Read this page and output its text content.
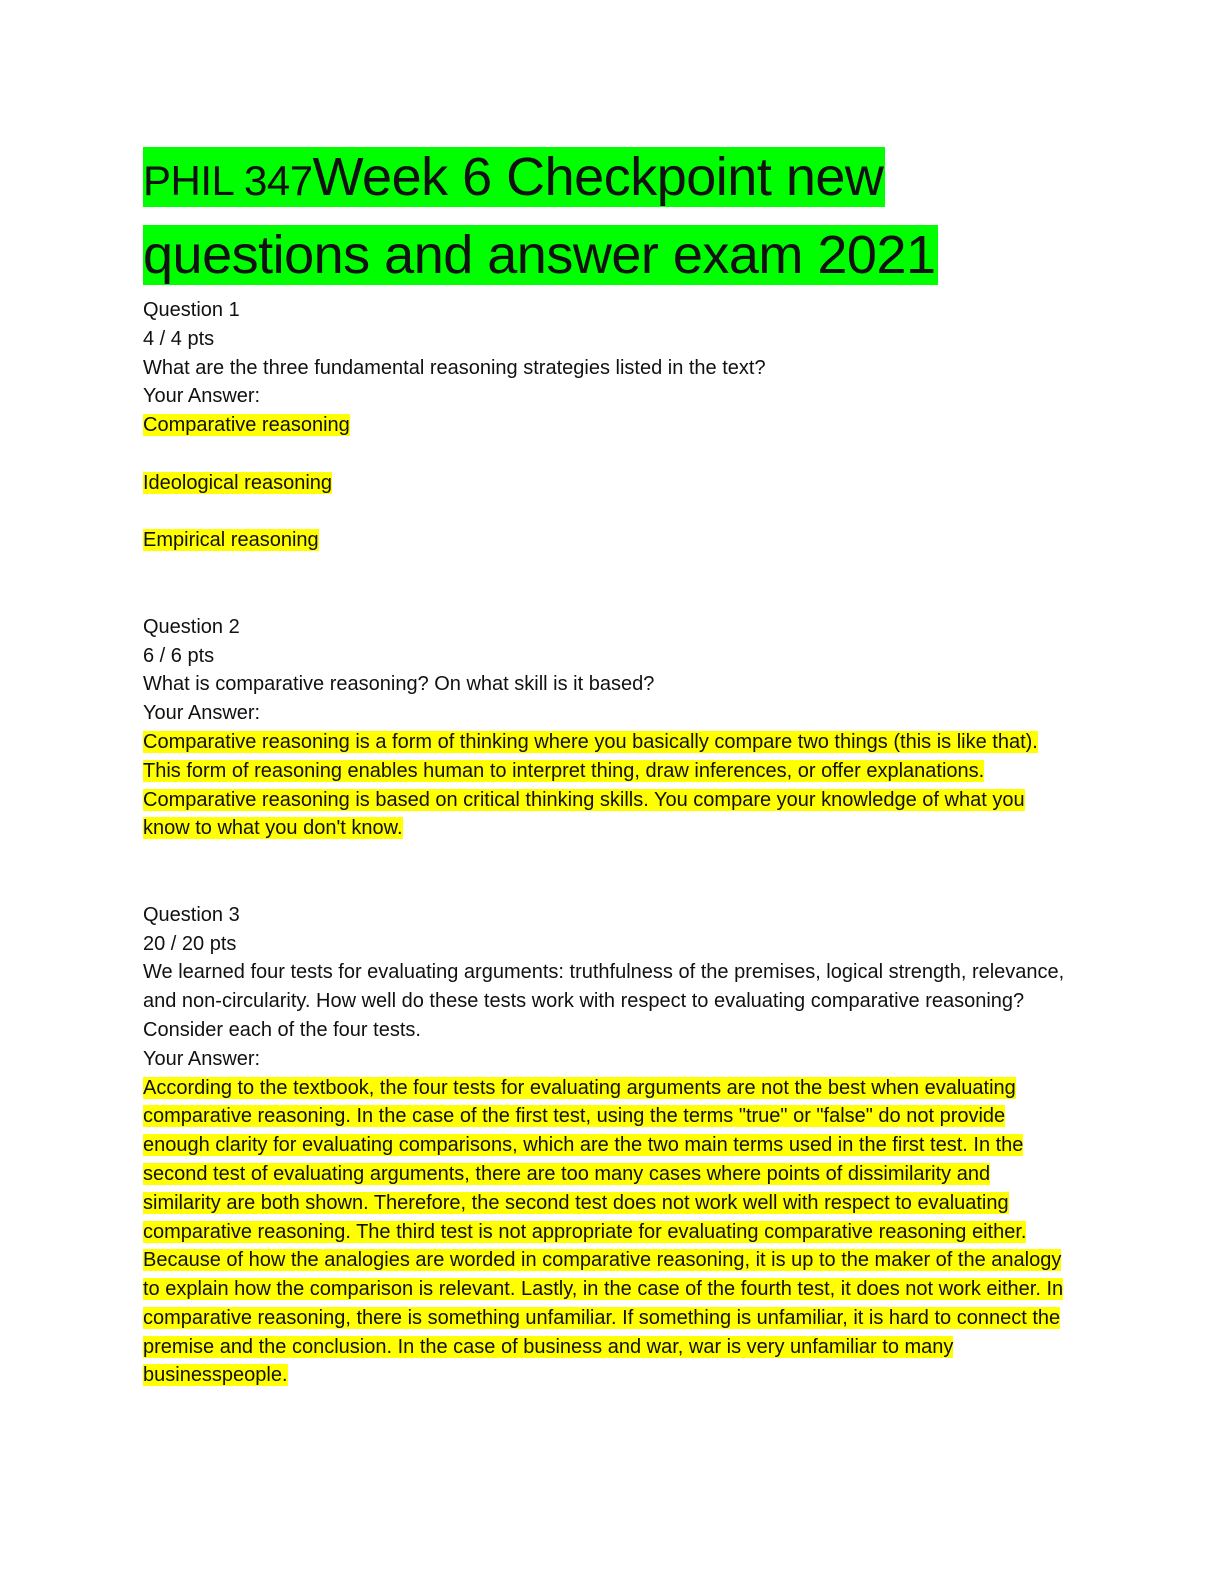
PHIL 347Week 6 Checkpoint new
questions and answer exam 2021
Question 1
4 / 4 pts
What are the three fundamental reasoning strategies listed in the text?
Your Answer:
Comparative reasoning
Ideological reasoning
Empirical reasoning
Question 2
6 / 6 pts
What is comparative reasoning? On what skill is it based?
Your Answer:
Comparative reasoning is a form of thinking where you basically compare two things (this is like that). This form of reasoning enables human to interpret thing, draw inferences, or offer explanations. Comparative reasoning is based on critical thinking skills. You compare your knowledge of what you know to what you don't know.
Question 3
20 / 20 pts
We learned four tests for evaluating arguments: truthfulness of the premises, logical strength, relevance, and non-circularity. How well do these tests work with respect to evaluating comparative reasoning? Consider each of the four tests.
Your Answer:
According to the textbook, the four tests for evaluating arguments are not the best when evaluating comparative reasoning. In the case of the first test, using the terms "true" or "false" do not provide enough clarity for evaluating comparisons, which are the two main terms used in the first test. In the second test of evaluating arguments, there are too many cases where points of dissimilarity and similarity are both shown. Therefore, the second test does not work well with respect to evaluating comparative reasoning. The third test is not appropriate for evaluating comparative reasoning either. Because of how the analogies are worded in comparative reasoning, it is up to the maker of the analogy to explain how the comparison is relevant. Lastly, in the case of the fourth test, it does not work either. In comparative reasoning, there is something unfamiliar. If something is unfamiliar, it is hard to connect the premise and the conclusion. In the case of business and war, war is very unfamiliar to many businesspeople.
